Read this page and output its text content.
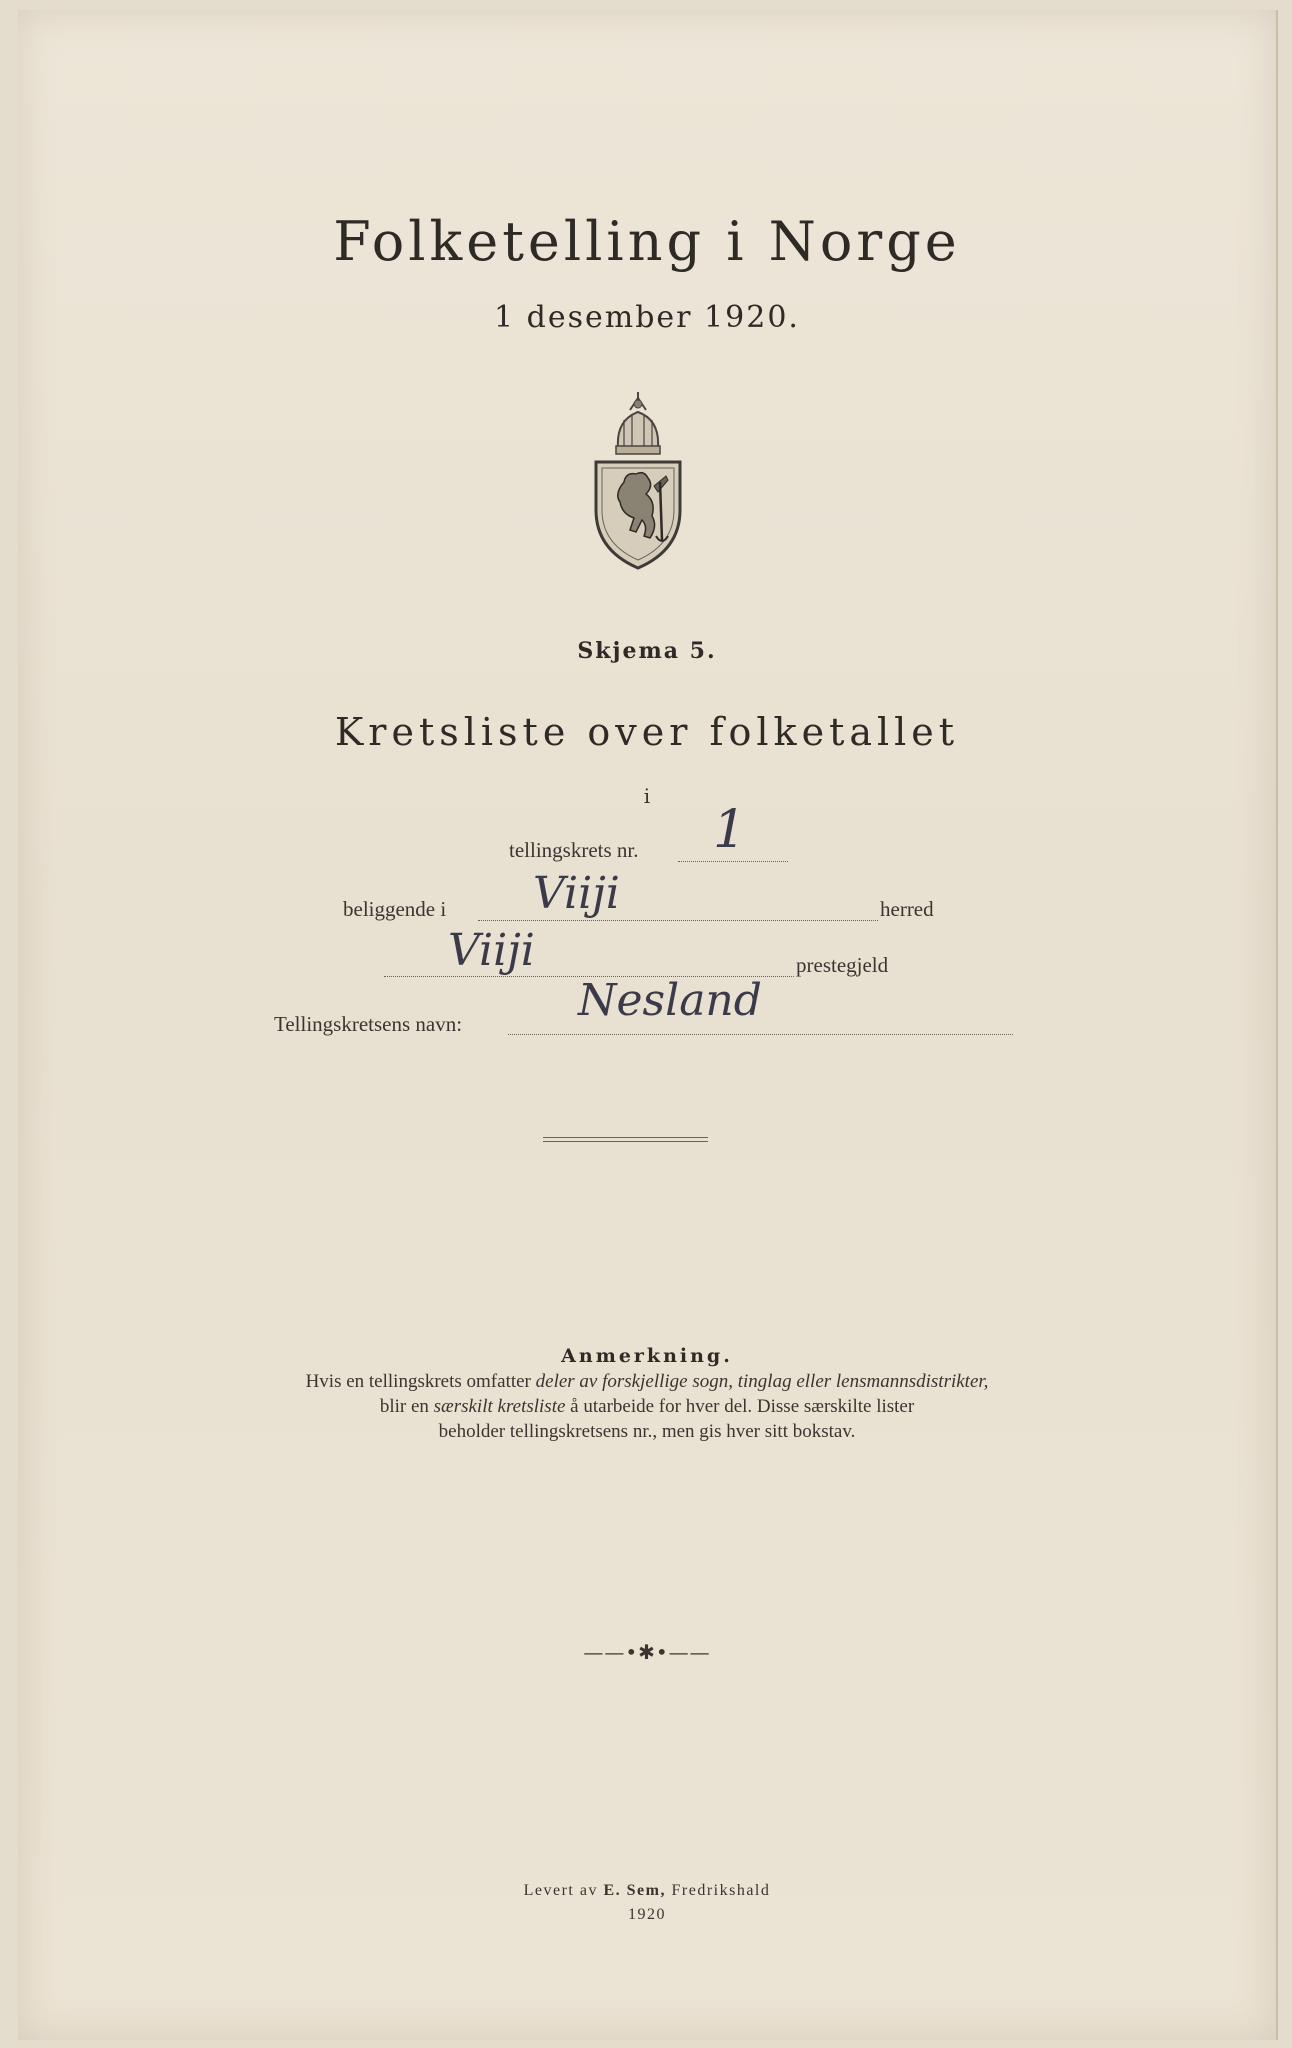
Folketelling i Norge
1 desember 1920.
Skjema 5.
Kretsliste over folketallet
i
tellingskrets nr. 1
beliggende i Viiji	herred
Viiji	prestegjeld
Tellingskretsens navn:	Nesland
Anmerkning.
Hvis en tellingskrets omfatter deler av forskjellige sogn, tinglag eller lensmannsdistrikter,
blir en særskilt kretsliste å utarbeide for hver del. Disse særskilte lister
beholder tellingskretsens nr., men gis hver sitt bokstav.
——•✱•——
Levert av E. Sem, Fredrikshald
1920
